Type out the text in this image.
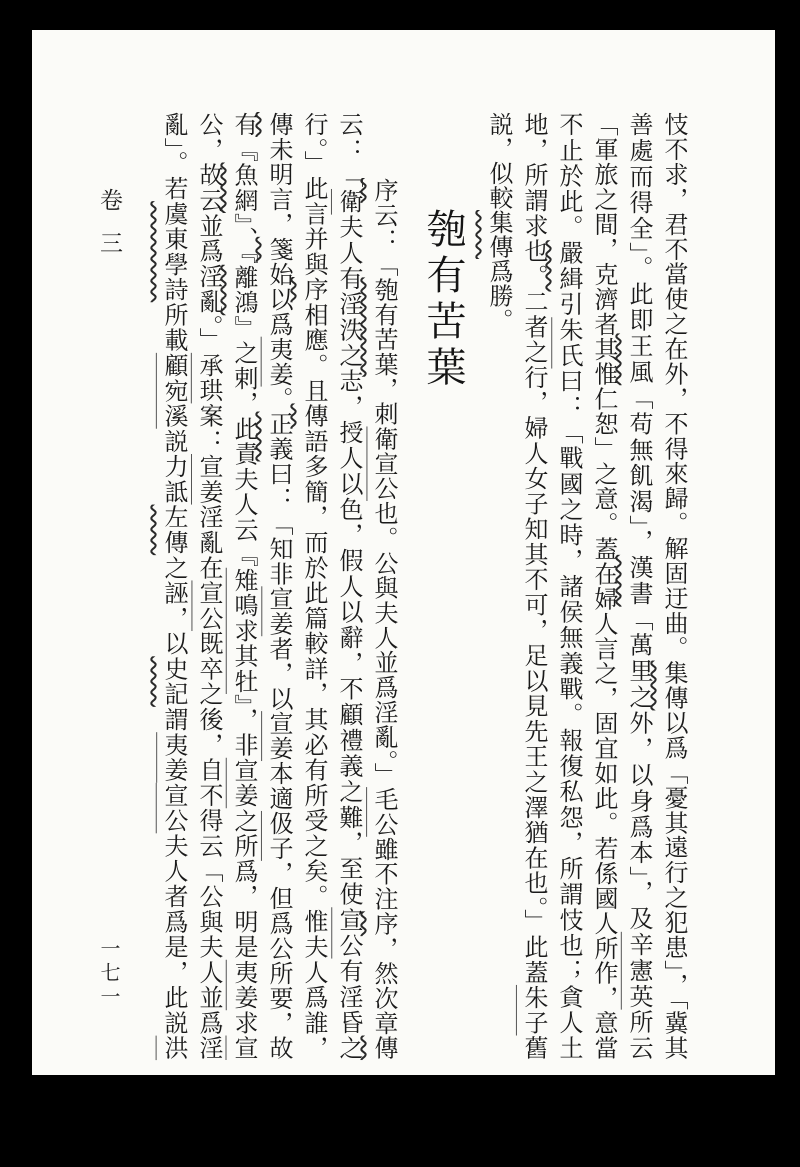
忮不求，君不當使之在外，不得來歸。解固迂曲。集傳以爲「憂其遠行之犯患」，「冀其
善處而得全」。此即王風「苟無飢渴」，漢書「萬里之外，以身爲本」，及辛憲英所云
「軍旅之間，克濟者其惟仁恕」之意。蓋在婦人言之，固宜如此。若係國人所作，意當
不止於此。嚴緝引朱氏曰：「戰國之時，諸侯無義戰。報復私怨，所謂忮也；貪人土
地，所謂求也。二者之行，婦人女子知其不可，足以見先王之澤猶在也。」此蓋朱子舊
説，似較集傳爲勝。
匏有苦葉
序云：「匏有苦葉，刺衛宣公也。公與夫人並爲淫亂。」毛公雖不注序，然次章傳
云：「衛夫人有淫泆之志，授人以色，假人以辭，不顧禮義之難，至使宣公有淫昏之
行。」此言并與序相應。且傳語多簡，而於此篇較詳，其必有所受之矣。惟夫人爲誰，
傳未明言，箋始以爲夷姜。正義曰：「知非宣姜者，以宣姜本適伋子，但爲公所要，故
有『魚網』、『離鴻』之剌，此責夫人云『雉鳴求其牡』，非宣姜之所爲，明是夷姜求宣
公，故云並爲淫亂。」承珙案：宣姜淫亂在宣公既卒之後，自不得云「公與夫人並爲淫
亂」。若虞東學詩所載顧宛溪説力詆左傳之誣，以史記謂夷姜宣公夫人者爲是，此説洪
卷三
一七一
